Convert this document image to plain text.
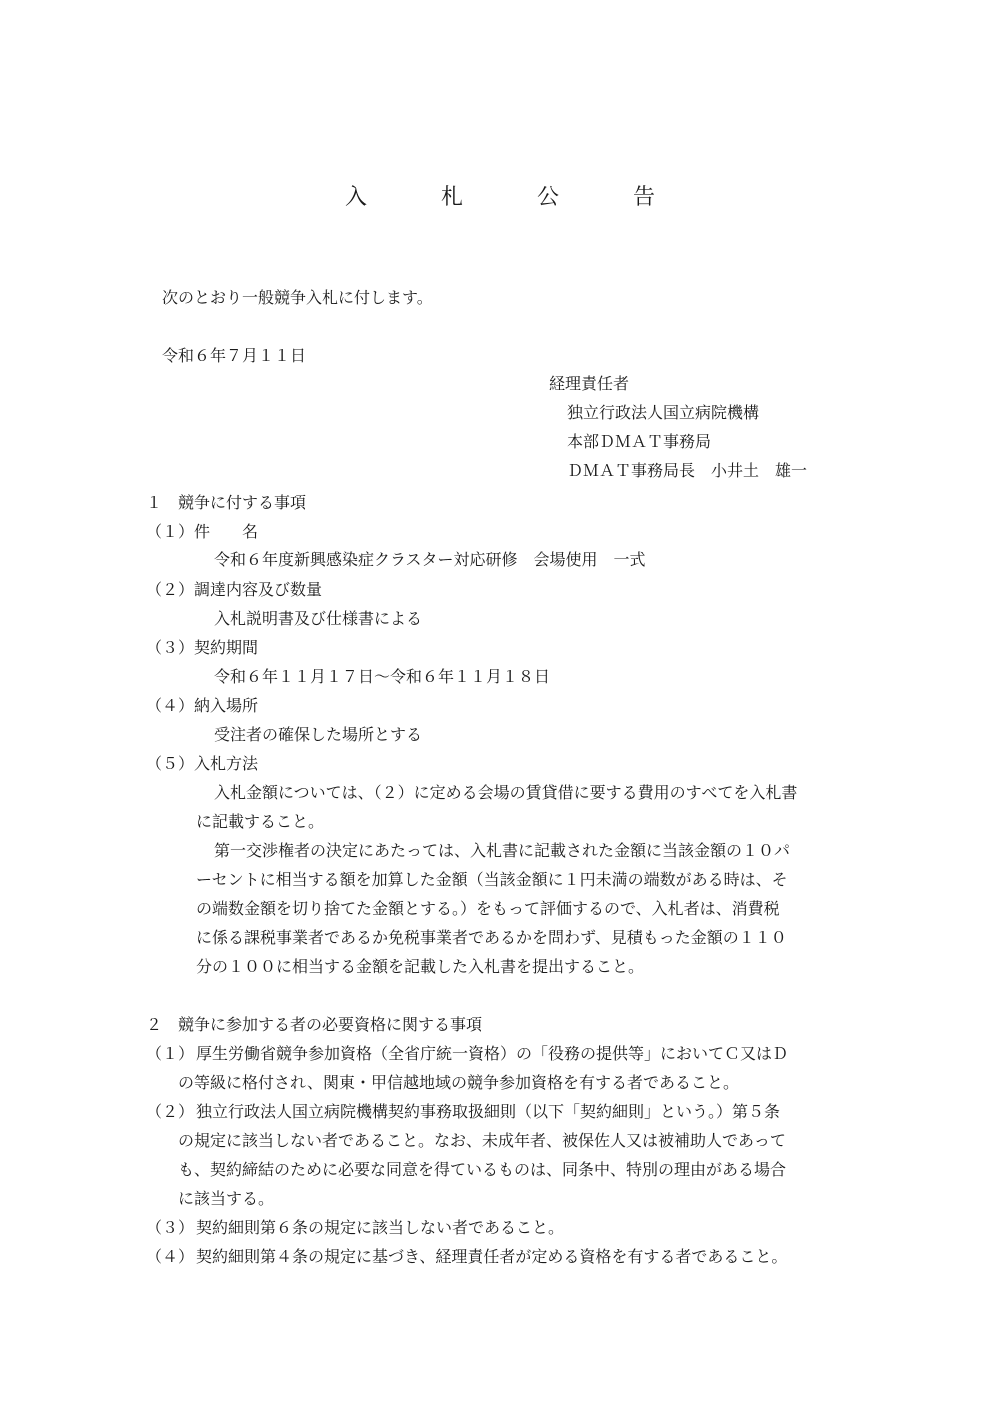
入　札　公　告
次のとおり一般競争入札に付します。
令和６年７月１１日
経理責任者
独立行政法人国立病院機構
本部ＤＭＡＴ事務局
ＤＭＡＴ事務局長　小井土　雄一
１　競争に付する事項
（１）件　　名
令和６年度新興感染症クラスター対応研修　会場使用　一式
（２）調達内容及び数量
入札説明書及び仕様書による
（３）契約期間
令和６年１１月１７日～令和６年１１月１８日
（４）納入場所
受注者の確保した場所とする
（５）入札方法
入札金額については、（２）に定める会場の賃貸借に要する費用のすべてを入札書
に記載すること。
第一交渉権者の決定にあたっては、入札書に記載された金額に当該金額の１０パ
ーセントに相当する額を加算した金額（当該金額に１円未満の端数がある時は、そ
の端数金額を切り捨てた金額とする。）をもって評価するので、入札者は、消費税
に係る課税事業者であるか免税事業者であるかを問わず、見積もった金額の１１０
分の１００に相当する金額を記載した入札書を提出すること。
２　競争に参加する者の必要資格に関する事項
（１） 厚生労働省競争参加資格（全省庁統一資格）の「役務の提供等」においてＣ又はＤ
の等級に格付され、関東・甲信越地域の競争参加資格を有する者であること。
（２） 独立行政法人国立病院機構契約事務取扱細則（以下「契約細則」という。）第５条
の規定に該当しない者であること。なお、未成年者、被保佐人又は被補助人であって
も、契約締結のために必要な同意を得ているものは、同条中、特別の理由がある場合
に該当する。
（３） 契約細則第６条の規定に該当しない者であること。
（４） 契約細則第４条の規定に基づき、経理責任者が定める資格を有する者であること。
